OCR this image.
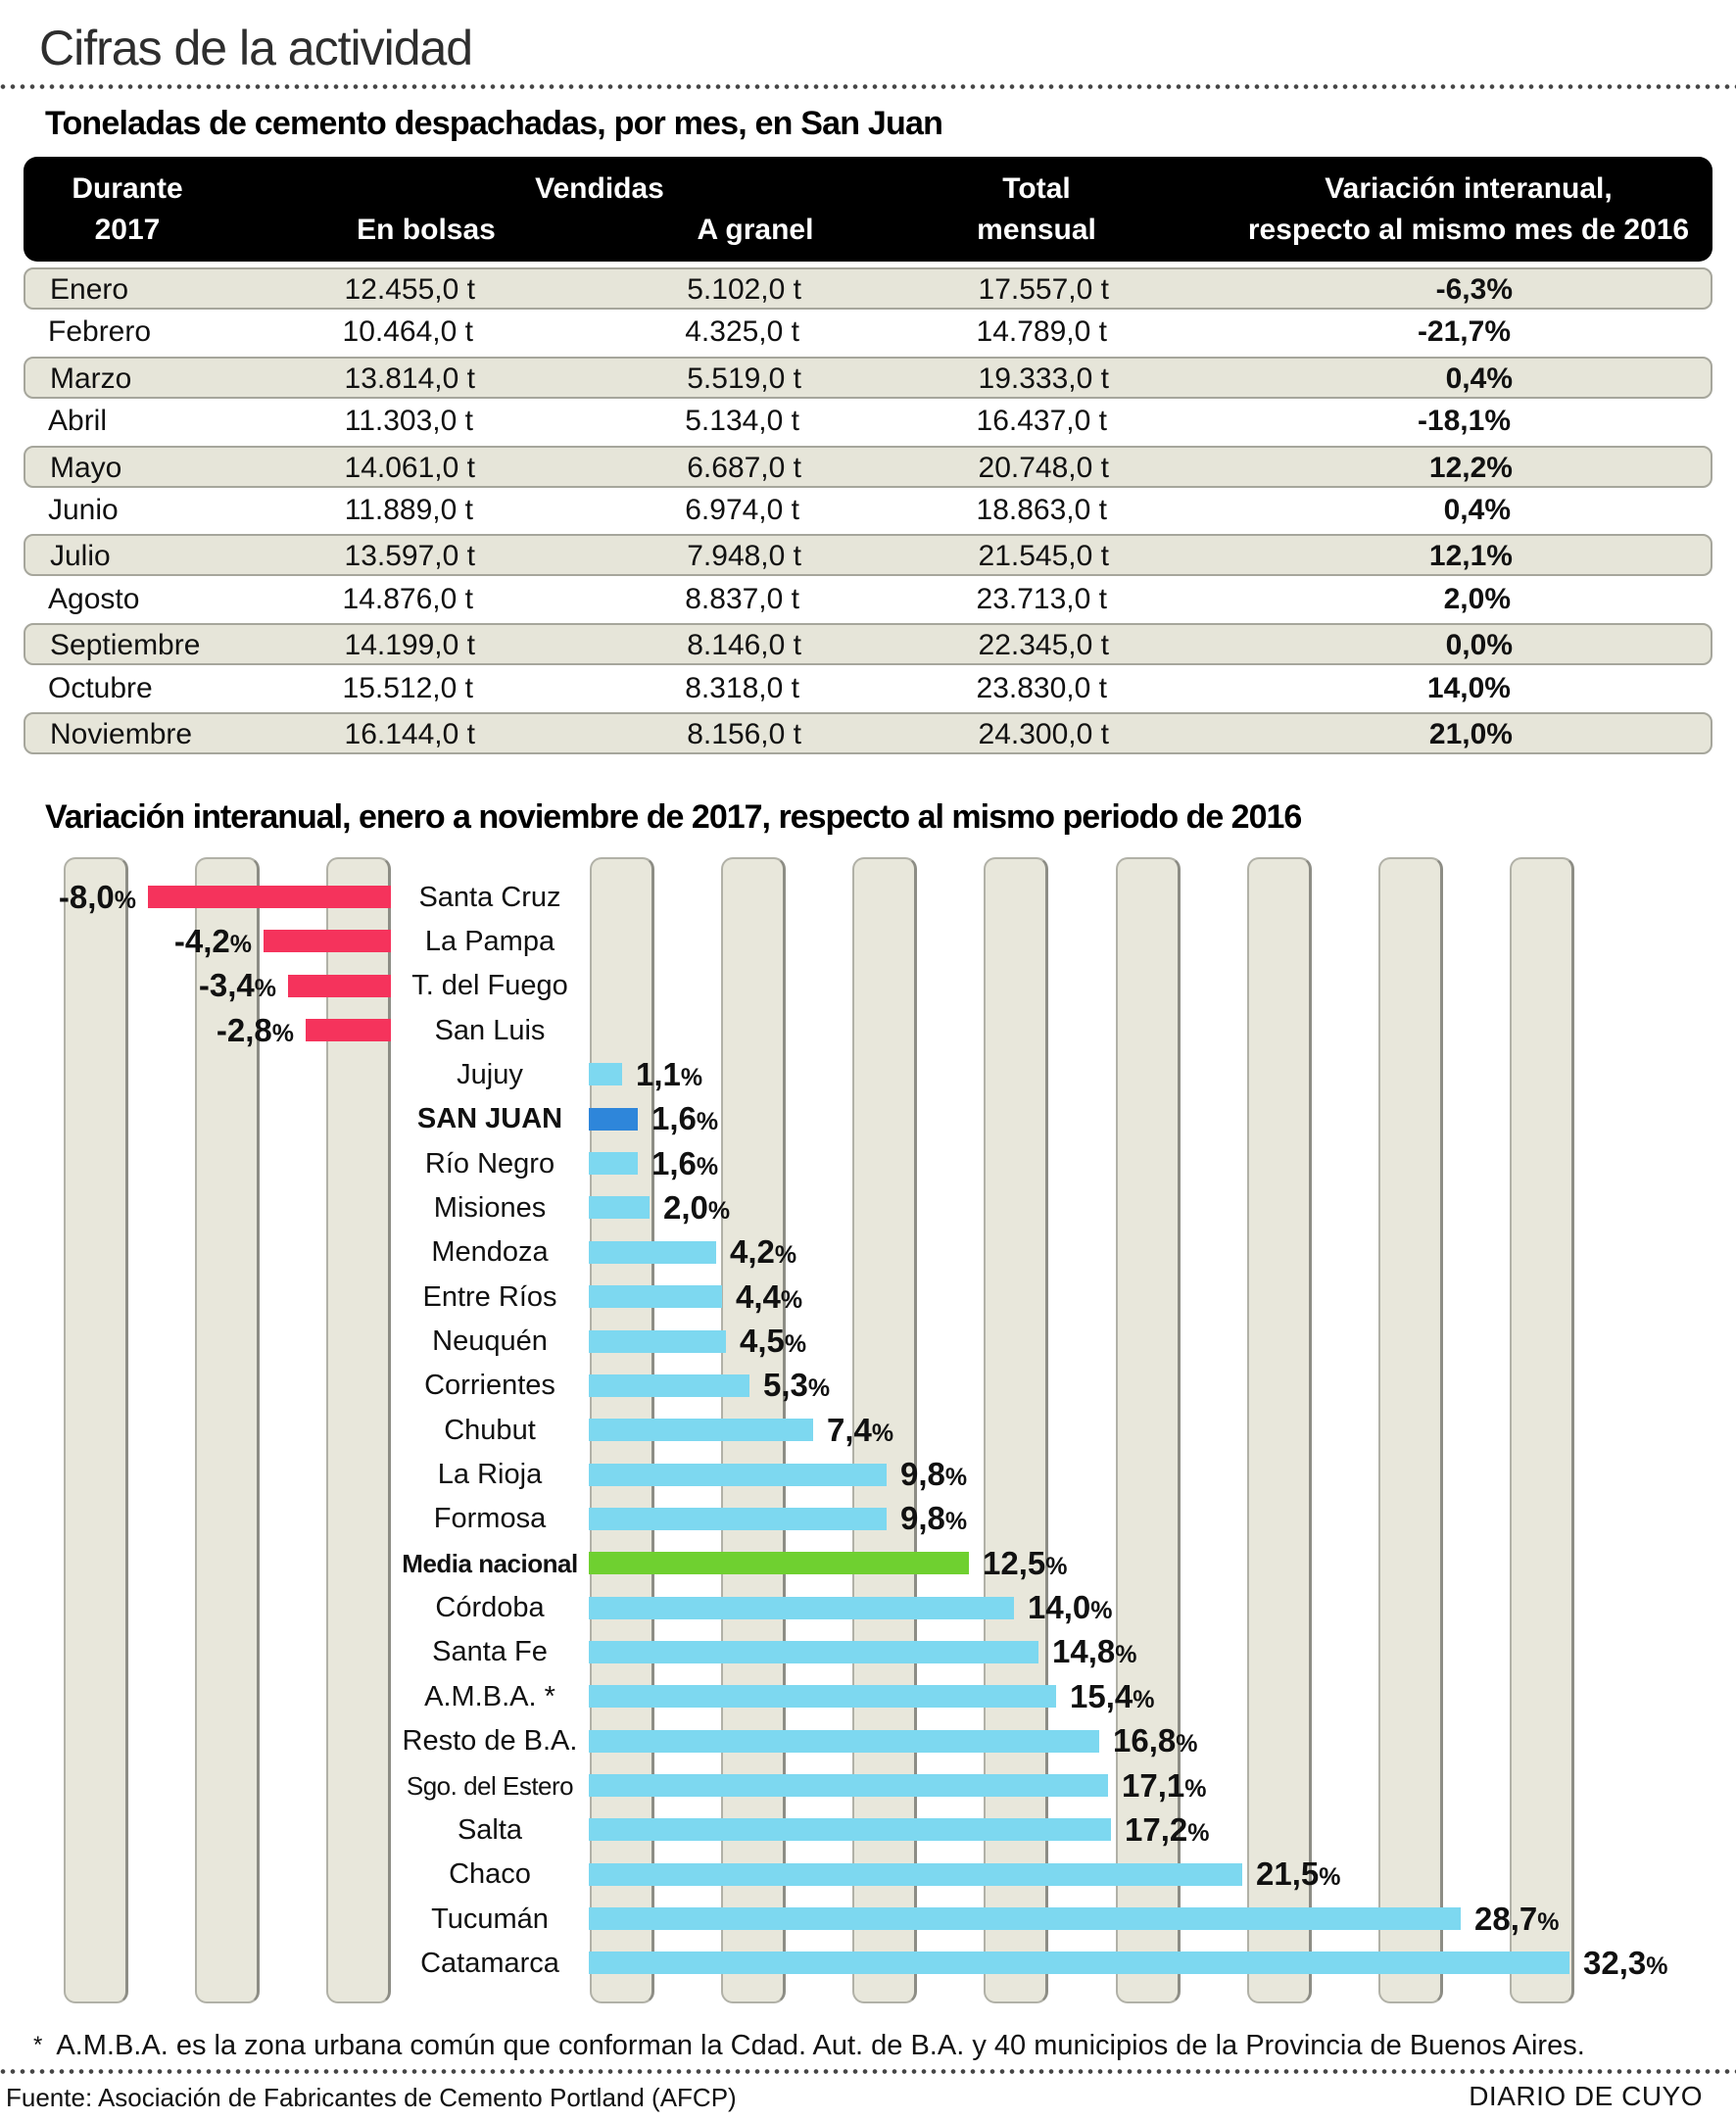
Cifras de la actividad
Toneladas de cemento despachadas, por mes, en San Juan
Durante
2017
Vendidas
En bolsas	A granel
Total
mensual
Variación interanual,
respecto al mismo mes de 2016
Enero	12.455,0 t	5.102,0 t	17.557,0 t	-6,3%
Febrero	10.464,0 t	4.325,0 t	14.789,0 t	-21,7%
Marzo	13.814,0 t	5.519,0 t	19.333,0 t	0,4%
Abril	11.303,0 t	5.134,0 t	16.437,0 t	-18,1%
Mayo	14.061,0 t	6.687,0 t	20.748,0 t	12,2%
Junio	11.889,0 t	6.974,0 t	18.863,0 t	0,4%
Julio	13.597,0 t	7.948,0 t	21.545,0 t	12,1%
Agosto	14.876,0 t	8.837,0 t	23.713,0 t	2,0%
Septiembre	14.199,0 t	8.146,0 t	22.345,0 t	0,0%
Octubre	15.512,0 t	8.318,0 t	23.830,0 t	14,0%
Noviembre	16.144,0 t	8.156,0 t	24.300,0 t	21,0%
Variación interanual, enero a noviembre de 2017, respecto al mismo periodo de 2016
Santa Cruz
-8,0%
La Pampa
-4,2%
T. del Fuego
-3,4%
San Luis
-2,8%
Jujuy	1,1%
SAN JUAN	1,6%
Río Negro	1,6%
Misiones	2,0%
Mendoza	4,2%
Entre Ríos	4,4%
Neuquén	4,5%
Corrientes	5,3%
Chubut	7,4%
La Rioja	9,8%
Formosa	9,8%
Media nacional	12,5%
Córdoba	14,0%
Santa Fe	14,8%
A.M.B.A. *	15,4%
Resto de B.A.	16,8%
Sgo. del Estero	17,1%
Salta	17,2%
Chaco	21,5%
Tucumán	28,7%
Catamarca	32,3%
* A.M.B.A. es la zona urbana común que conforman la Cdad. Aut. de B.A. y 40 municipios de la Provincia de Buenos Aires.
Fuente: Asociación de Fabricantes de Cemento Portland (AFCP)	DIARIO DE CUYO
